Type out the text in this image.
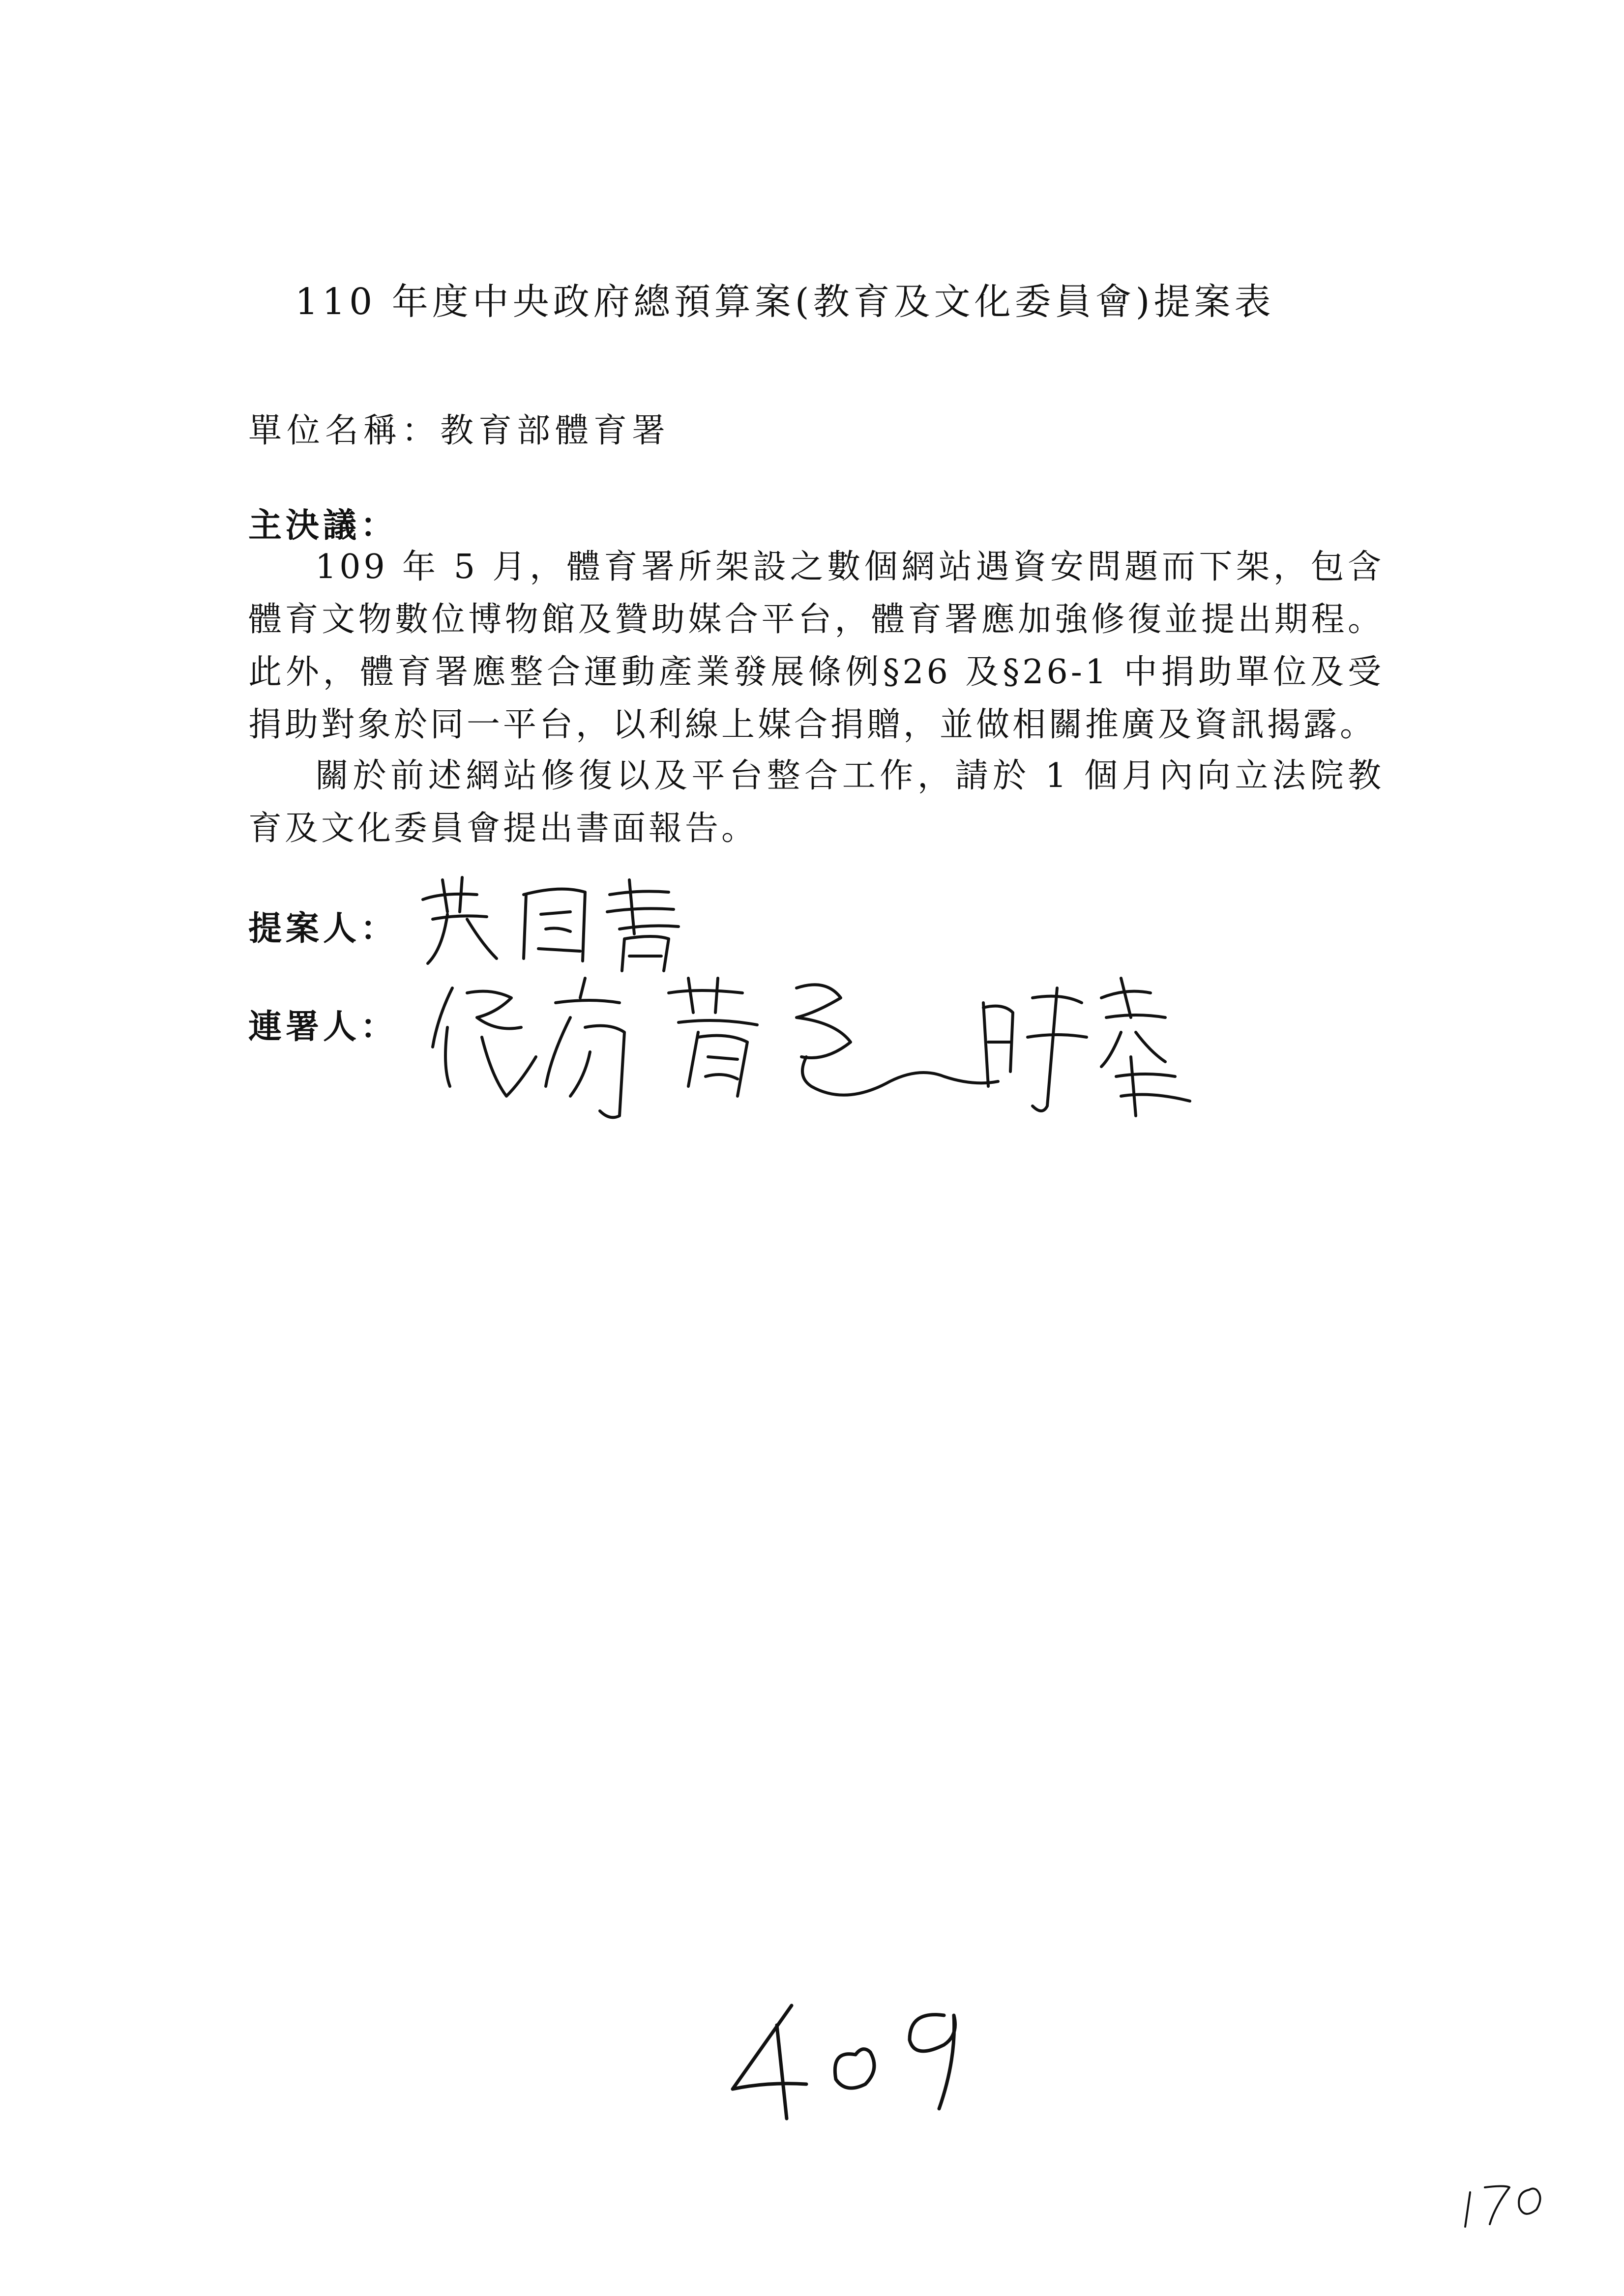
110 年度中央政府總預算案(教育及文化委員會)提案表
單位名稱：教育部體育署
主決議：

109 年 5 月，體育署所架設之數個網站遇資安問題而下架，包含體育文物數位博物館及贊助媒合平台，體育署應加強修復並提出期程。此外，體育署應整合運動產業發展條例§26 及§26-1 中捐助單位及受捐助對象於同一平台，以利線上媒合捐贈，並做相關推廣及資訊揭露。

關於前述網站修復以及平台整合工作，請於 1 個月內向立法院教育及文化委員會提出書面報告。

提案人：
連署人：
